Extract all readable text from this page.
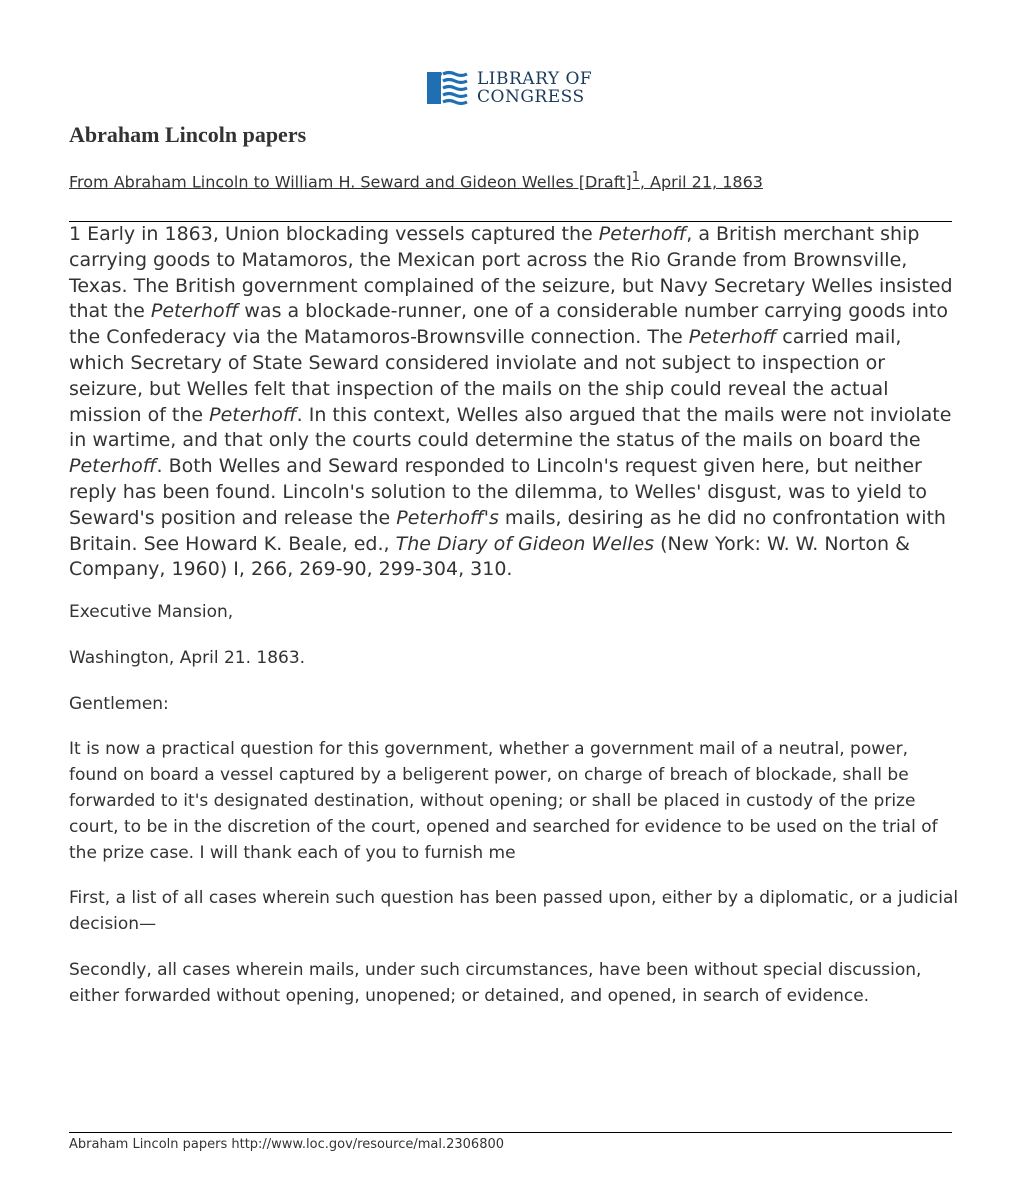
LIBRARY OF
CONGRESS
Abraham Lincoln papers
From Abraham Lincoln to William H. Seward and Gideon Welles [Draft]$^1$, April 21, 1863

1 Early in 1863, Union blockading vessels captured the Peterhoff, a British merchant ship carrying goods to Matamoros, the Mexican port across the Rio Grande from Brownsville, Texas. The British government complained of the seizure, but Navy Secretary Welles insisted that the Peterhoff was a blockade-runner, one of a considerable number carrying goods into the Confederacy via the Matamoros-Brownsville connection. The Peterhoff carried mail, which Secretary of State Seward considered inviolate and not subject to inspection or seizure, but Welles felt that inspection of the mails on the ship could reveal the actual mission of the Peterhoff. In this context, Welles also argued that the mails were not inviolate in wartime, and that only the courts could determine the status of the mails on board the Peterhoff. Both Welles and Seward responded to Lincoln's request given here, but neither reply has been found. Lincoln's solution to the dilemma, to Welles' disgust, was to yield to Seward's position and release the Peterhoff's mails, desiring as he did no confrontation with Britain. See Howard K. Beale, ed., The Diary of Gideon Welles (New York: W. W. Norton & Company, 1960) I, 266, 269-90, 299-304, 310.

Executive Mansion,

Washington, April 21. 1863.

Gentlemen:

It is now a practical question for this government, whether a government mail of a neutral, power, found on board a vessel captured by a beligerent power, on charge of breach of blockade, shall be forwarded to it's designated destination, without opening; or shall be placed in custody of the prize court, to be in the discretion of the court, opened and searched for evidence to be used on the trial of the prize case. I will thank each of you to furnish me

First, a list of all cases wherein such question has been passed upon, either by a diplomatic, or a judicial decision—

Secondly, all cases wherein mails, under such circumstances, have been without special discussion, either forwarded without opening, unopened; or detained, and opened, in search of evidence.

Abraham Lincoln papers http://www.loc.gov/resource/mal.2306800
